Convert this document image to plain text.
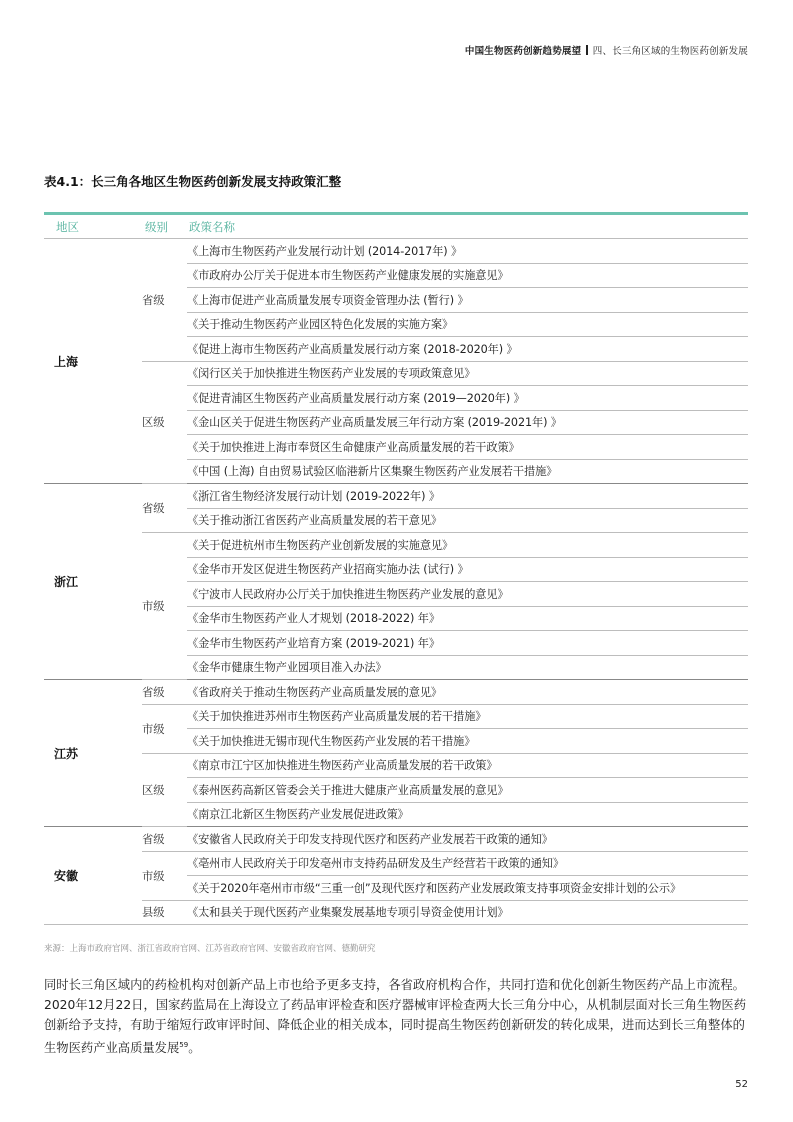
中国生物医药创新趋势展望 四、长三角区域的生物医药创新发展
表4.1：长三角各地区生物医药创新发展支持政策汇整
地区	级别	政策名称
上海	省级	《上海市生物医药产业发展行动计划 (2014-2017年) 》
		《市政府办公厅关于促进本市生物医药产业健康发展的实施意见》
		《上海市促进产业高质量发展专项资金管理办法 (暂行) 》
		《关于推动生物医药产业园区特色化发展的实施方案》
		《促进上海市生物医药产业高质量发展行动方案 (2018-2020年) 》
	区级	《闵行区关于加快推进生物医药产业发展的专项政策意见》
		《促进青浦区生物医药产业高质量发展行动方案 (2019—2020年) 》
		《金山区关于促进生物医药产业高质量发展三年行动方案 (2019-2021年) 》
		《关于加快推进上海市奉贤区生命健康产业高质量发展的若干政策》
		《中国 (上海) 自由贸易试验区临港新片区集聚生物医药产业发展若干措施》
浙江	省级	《浙江省生物经济发展行动计划 (2019-2022年) 》
		《关于推动浙江省医药产业高质量发展的若干意见》
	市级	《关于促进杭州市生物医药产业创新发展的实施意见》
		《金华市开发区促进生物医药产业招商实施办法 (试行) 》
		《宁波市人民政府办公厅关于加快推进生物医药产业发展的意见》
		《金华市生物医药产业人才规划 (2018-2022) 年》
		《金华市生物医药产业培育方案 (2019-2021) 年》
		《金华市健康生物产业园项目准入办法》
江苏	省级	《省政府关于推动生物医药产业高质量发展的意见》
	市级	《关于加快推进苏州市生物医药产业高质量发展的若干措施》
		《关于加快推进无锡市现代生物医药产业发展的若干措施》
	区级	《南京市江宁区加快推进生物医药产业高质量发展的若干政策》
		《泰州医药高新区管委会关于推进大健康产业高质量发展的意见》
		《南京江北新区生物医药产业发展促进政策》
安徽	省级	《安徽省人民政府关于印发支持现代医疗和医药产业发展若干政策的通知》
	市级	《亳州市人民政府关于印发亳州市支持药品研发及生产经营若干政策的通知》
		《关于2020年亳州市市级“三重一创”及现代医疗和医药产业发展政策支持事项资金安排计划的公示》
	县级	《太和县关于现代医药产业集聚发展基地专项引导资金使用计划》
来源：上海市政府官网、浙江省政府官网、江苏省政府官网、安徽省政府官网、德勤研究

同时长三角区域内的药检机构对创新产品上市也给予更多支持，各省政府机构合作，共同打造和优化创新生物医药产品上市流程。2020年12月22日，国家药监局在上海设立了药品审评检查和医疗器械审评检查两大长三角分中心，从机制层面对长三角生物医药创新给予支持，有助于缩短行政审评时间、降低企业的相关成本，同时提高生物医药创新研发的转化成果，进而达到长三角整体的生物医药产业高质量发展$^{59}$。

52
